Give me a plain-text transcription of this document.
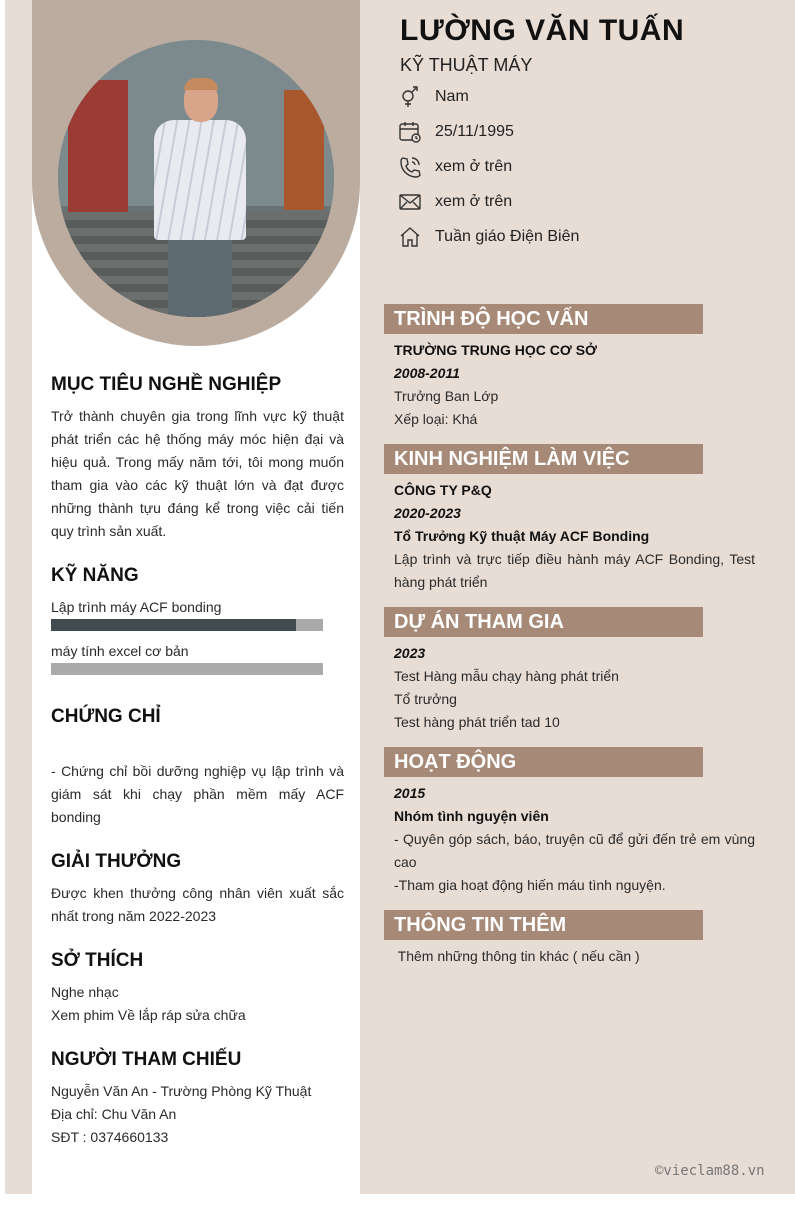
LƯỜNG VĂN TUẤN
KỸ THUẬT MÁY
Nam
25/11/1995
xem ở trên
xem ở trên
Tuần giáo Điện Biên
MỤC TIÊU NGHỀ NGHIỆP
Trở thành chuyên gia trong lĩnh vực kỹ thuật phát triển các hệ thống máy móc hiện đại và hiệu quả. Trong mấy năm tới, tôi mong muốn tham gia vào các kỹ thuật lớn và đạt được những thành tựu đáng kể trong việc cải tiến quy trình sản xuất.
KỸ NĂNG
Lập trình máy ACF bonding
máy tính excel cơ bản
CHỨNG CHỈ
- Chứng chỉ bồi dưỡng nghiệp vụ lập trình và giám sát khi chạy phần mềm mấy ACF bonding
GIẢI THƯỞNG
Được khen thưởng công nhân viên xuất sắc nhất trong năm 2022-2023
SỞ THÍCH
Nghe nhạc
Xem phim Về lắp ráp sửa chữa
NGƯỜI THAM CHIẾU
Nguyễn Văn An - Trường Phòng Kỹ Thuật
Địa chỉ: Chu Văn An
SĐT : 0374660133
TRÌNH ĐỘ HỌC VẤN
TRƯỜNG TRUNG HỌC CƠ SỞ
2008-2011
Trưởng Ban Lớp
Xếp loại: Khá
KINH NGHIỆM LÀM VIỆC
CÔNG TY P&Q
2020-2023
Tổ Trưởng Kỹ thuật Máy ACF Bonding
Lập trình và trực tiếp điều hành máy ACF Bonding, Test hàng phát triển
DỰ ÁN THAM GIA
2023
Test Hàng mẫu chạy hàng phát triển
Tổ trưởng
Test hàng phát triển tad 10
HOẠT ĐỘNG
2015
Nhóm tình nguyện viên
- Quyên góp sách, báo, truyện cũ để gửi đến trẻ em vùng cao
-Tham gia hoạt động hiến máu tình nguyện.
THÔNG TIN THÊM
Thêm những thông tin khác ( nếu cần )
©vieclam88.vn
